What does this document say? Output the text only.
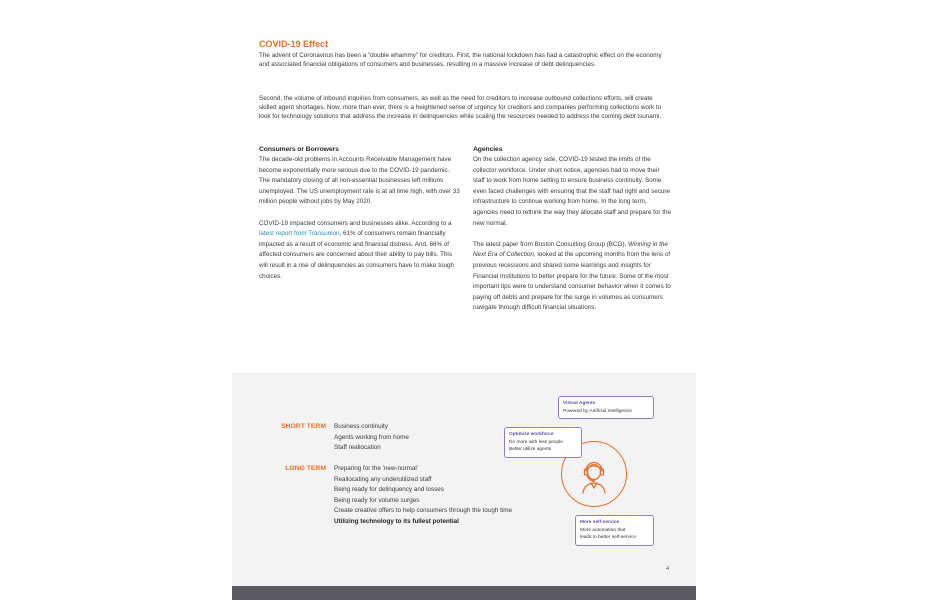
COVID-19 Effect
The advent of Coronavirus has been a "double whammy" for creditors. First, the national lockdown has had a catastrophic effect on the economy and associated financial obligations of consumers and businesses, resulting in a massive increase of debt delinquencies.
Second, the volume of inbound inquiries from consumers, as well as the need for creditors to increase outbound collections efforts, will create skilled agent shortages. Now, more than ever, there is a heightened sense of urgency for creditors and companies performing collections work to look for technology solutions that address the increase in delinquencies while scaling the resources needed to address the coming debt tsunami.
Consumers or Borrowers

The decade-old problems in Accounts Receivable Management have become exponentially more serious due to the COVID-19 pandemic. The mandatory closing of all non-essential businesses left millions unemployed. The US unemployment rate is at all time high, with over 33 million people without jobs by May 2020.

COVID-19 impacted consumers and businesses alike. According to a latest report from Transunion, 61% of consumers remain financially impacted as a result of economic and financial distress. And, 66% of affected consumers are concerned about their ability to pay bills. This will result in a rise of delinquencies as consumers have to make tough choices.

Agencies

On the collection agency side, COVID-19 tested the limits of the collector workforce. Under short notice, agencies had to move their staff to work from home setting to ensure business continuity. Some even faced challenges with ensuring that the staff had right and secure infrastructure to continue working from home. In the long term, agencies need to rethink the way they allocate staff and prepare for the new normal.

The latest paper from Boston Consulting Group (BCG), Winning in the Next Era of Collection, looked at the upcoming months from the lens of previous recessions and shared some learnings and insights for Financial Institutions to better prepare for the future. Some of the most important tips were to understand consumer behavior when it comes to paying off debts and prepare for the surge in volumes as consumers navigate through difficult financial situations.

SHORT TERM Business continuity
Agents working from home
Staff reallocation
LONG TERM Preparing for the 'new-normal'
Reallocating any underutilized staff
Being ready for delinquency and losses
Being ready for volume surges
Create creative offers to help consumers through the tough time
Utilizing technology to its fullest potential
Virtual Agents
Powered by Artificial Intelligence
Optimize workforce
Do more with less people
Better utilize agents
More self-service
More automation that
leads to better self-service
4
